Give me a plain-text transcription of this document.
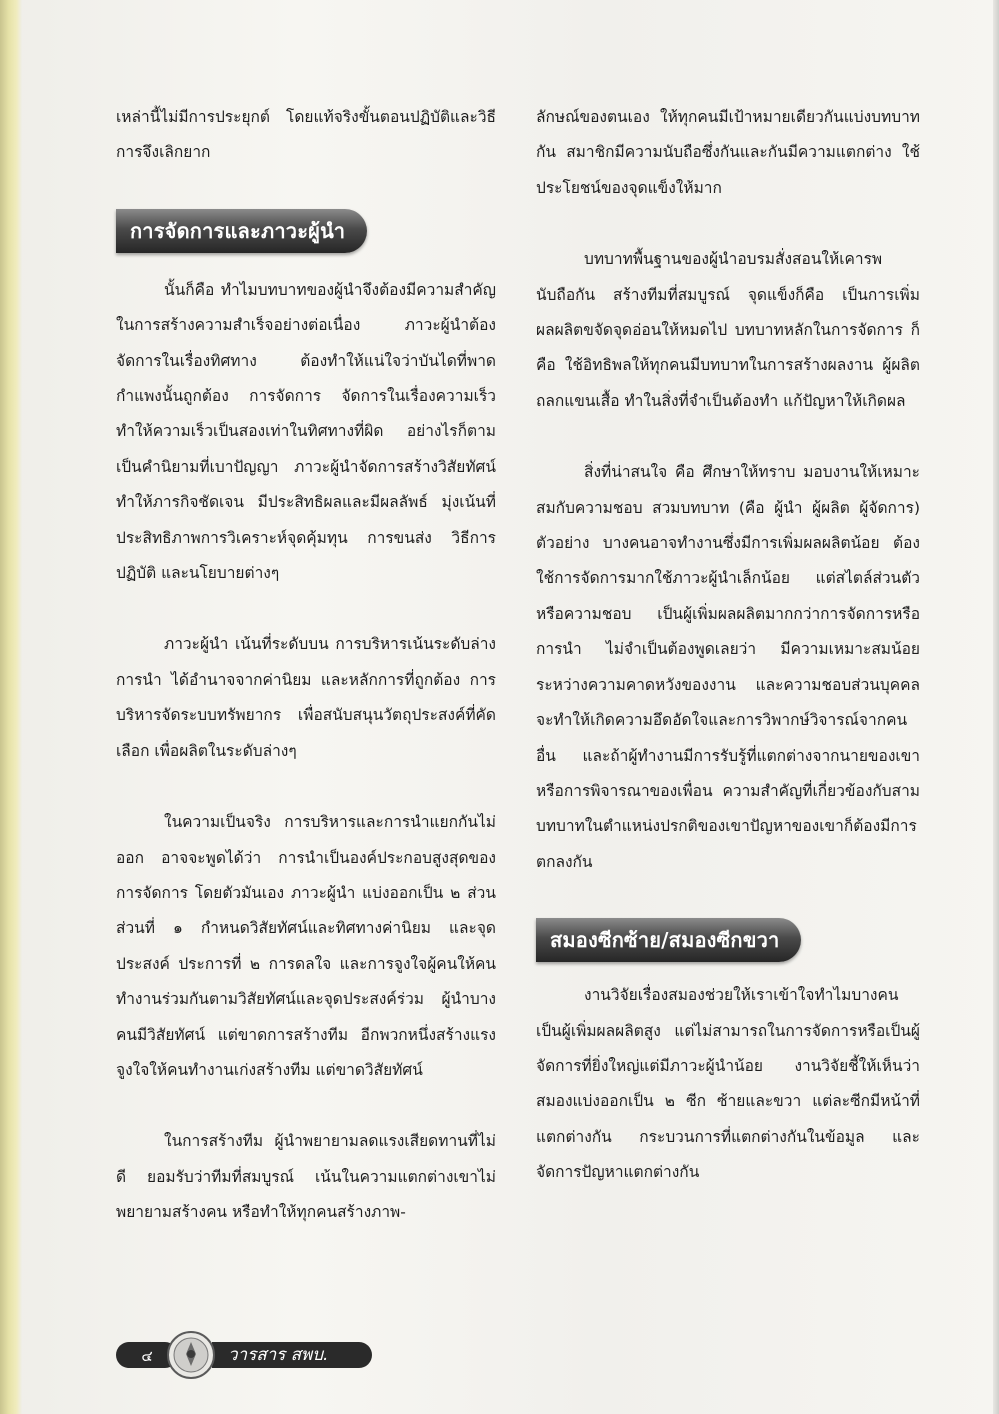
เหล่านี้ไม่มีการประยุกต์ โดยแท้จริงขั้นตอนปฏิบัติและวิธีการจึงเลิกยาก

การจัดการและภาวะผู้นำ

นั้นก็คือ ทำไมบทบาทของผู้นำจึงต้องมีความสำคัญในการสร้างความสำเร็จอย่างต่อเนื่อง ภาวะผู้นำต้องจัดการในเรื่องทิศทาง ต้องทำให้แน่ใจว่าบันไดที่พาดกำแพงนั้นถูกต้อง การจัดการ จัดการในเรื่องความเร็ว ทำให้ความเร็วเป็นสองเท่าในทิศทางที่ผิด อย่างไรก็ตามเป็นคำนิยามที่เบาปัญญา ภาวะผู้นำจัดการสร้างวิสัยทัศน์ ทำให้ภารกิจชัดเจน มีประสิทธิผลและมีผลลัพธ์ มุ่งเน้นที่ประสิทธิภาพการวิเคราะห์จุดคุ้มทุน การขนส่ง วิธีการปฏิบัติ และนโยบายต่างๆ

ภาวะผู้นำ เน้นที่ระดับบน การบริหารเน้นระดับล่าง การนำ ได้อำนาจจากค่านิยม และหลักการที่ถูกต้อง การบริหารจัดระบบทรัพยากร เพื่อสนับสนุนวัตถุประสงค์ที่คัดเลือก เพื่อผลิตในระดับล่างๆ

ในความเป็นจริง การบริหารและการนำแยกกันไม่ออก อาจจะพูดได้ว่า การนำเป็นองค์ประกอบสูงสุดของการจัดการ โดยตัวมันเอง ภาวะผู้นำ แบ่งออกเป็น ๒ ส่วน ส่วนที่ ๑ กำหนดวิสัยทัศน์และทิศทางค่านิยม และจุดประสงค์ ประการที่ ๒ การดลใจ และการจูงใจผู้คนให้คนทำงานร่วมกันตามวิสัยทัศน์และจุดประสงค์ร่วม ผู้นำบางคนมีวิสัยทัศน์ แต่ขาดการสร้างทีม อีกพวกหนึ่งสร้างแรงจูงใจให้คนทำงานเก่งสร้างทีม แต่ขาดวิสัยทัศน์

ในการสร้างทีม ผู้นำพยายามลดแรงเสียดทานที่ไม่ดี ยอมรับว่าทีมที่สมบูรณ์ เน้นในความแตกต่างเขาไม่พยายามสร้างคน หรือทำให้ทุกคนสร้างภาพ-

ลักษณ์ของตนเอง ให้ทุกคนมีเป้าหมายเดียวกันแบ่งบทบาทกัน สมาชิกมีความนับถือซึ่งกันและกันมีความแตกต่าง ใช้ประโยชน์ของจุดแข็งให้มาก

บทบาทพื้นฐานของผู้นำอบรมสั่งสอนให้เคารพนับถือกัน สร้างทีมที่สมบูรณ์ จุดแข็งก็คือ เป็นการเพิ่มผลผลิตขจัดจุดอ่อนให้หมดไป บทบาทหลักในการจัดการ ก็คือ ใช้อิทธิพลให้ทุกคนมีบทบาทในการสร้างผลงาน ผู้ผลิตถลกแขนเสื้อ ทำในสิ่งที่จำเป็นต้องทำ แก้ปัญหาให้เกิดผล

สิ่งที่น่าสนใจ คือ ศึกษาให้ทราบ มอบงานให้เหมาะสมกับความชอบ สวมบทบาท (คือ ผู้นำ ผู้ผลิต ผู้จัดการ) ตัวอย่าง บางคนอาจทำงานซึ่งมีการเพิ่มผลผลิตน้อย ต้องใช้การจัดการมากใช้ภาวะผู้นำเล็กน้อย แต่สไตล์ส่วนตัวหรือความชอบ เป็นผู้เพิ่มผลผลิตมากกว่าการจัดการหรือการนำ ไม่จำเป็นต้องพูดเลยว่า มีความเหมาะสมน้อย ระหว่างความคาดหวังของงาน และความชอบส่วนบุคคลจะทำให้เกิดความอึดอัดใจและการวิพากษ์วิจารณ์จากคนอื่น และถ้าผู้ทำงานมีการรับรู้ที่แตกต่างจากนายของเขา หรือการพิจารณาของเพื่อน ความสำคัญที่เกี่ยวข้องกับสามบทบาทในตำแหน่งปรกติของเขาปัญหาของเขาก็ต้องมีการตกลงกัน

สมองซีกซ้าย/สมองซีกขวา

งานวิจัยเรื่องสมองช่วยให้เราเข้าใจทำไมบางคนเป็นผู้เพิ่มผลผลิตสูง แต่ไม่สามารถในการจัดการหรือเป็นผู้จัดการที่ยิ่งใหญ่แต่มีภาวะผู้นำน้อย งานวิจัยชี้ให้เห็นว่าสมองแบ่งออกเป็น ๒ ซีก ซ้ายและขวา แต่ละซีกมีหน้าที่แตกต่างกัน กระบวนการที่แตกต่างกันในข้อมูล และจัดการปัญหาแตกต่างกัน

๔	วารสาร สพบ.
